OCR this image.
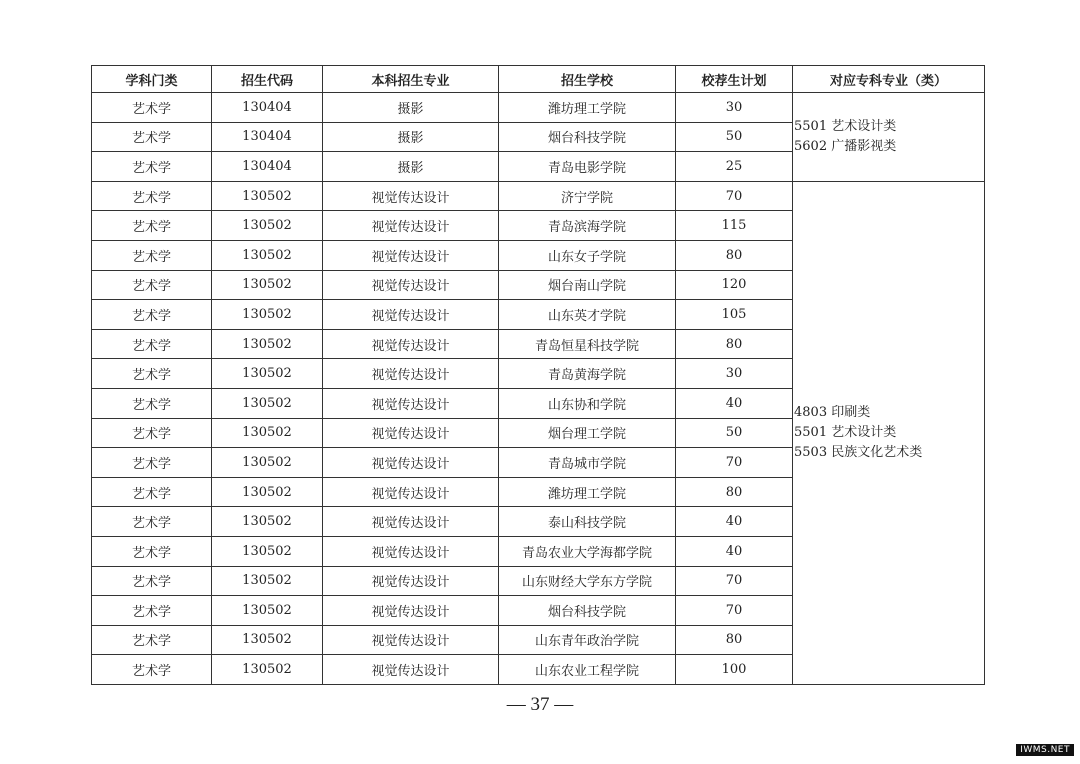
学科门类	招生代码	本科招生专业	招生学校	校荐生计划	对应专科专业（类）
艺术学	130404	摄影	潍坊理工学院	30	5501 艺术设计类
5602 广播影视类

艺术学	130404	摄影	烟台科技学院	50	
艺术学	130404	摄影	青岛电影学院	25	
艺术学	130502	视觉传达设计	济宁学院	70	4803 印刷类
5501 艺术设计类
5503 民族文化艺术类

艺术学	130502	视觉传达设计	青岛滨海学院	115	
艺术学	130502	视觉传达设计	山东女子学院	80	
艺术学	130502	视觉传达设计	烟台南山学院	120	
艺术学	130502	视觉传达设计	山东英才学院	105	
艺术学	130502	视觉传达设计	青岛恒星科技学院	80	
艺术学	130502	视觉传达设计	青岛黄海学院	30	
艺术学	130502	视觉传达设计	山东协和学院	40	
艺术学	130502	视觉传达设计	烟台理工学院	50	
艺术学	130502	视觉传达设计	青岛城市学院	70	
艺术学	130502	视觉传达设计	潍坊理工学院	80	
艺术学	130502	视觉传达设计	泰山科技学院	40	
艺术学	130502	视觉传达设计	青岛农业大学海都学院	40	
艺术学	130502	视觉传达设计	山东财经大学东方学院	70	
艺术学	130502	视觉传达设计	烟台科技学院	70	
艺术学	130502	视觉传达设计	山东青年政治学院	80	
艺术学	130502	视觉传达设计	山东农业工程学院	100	
— 37 —
IWMS.NET
